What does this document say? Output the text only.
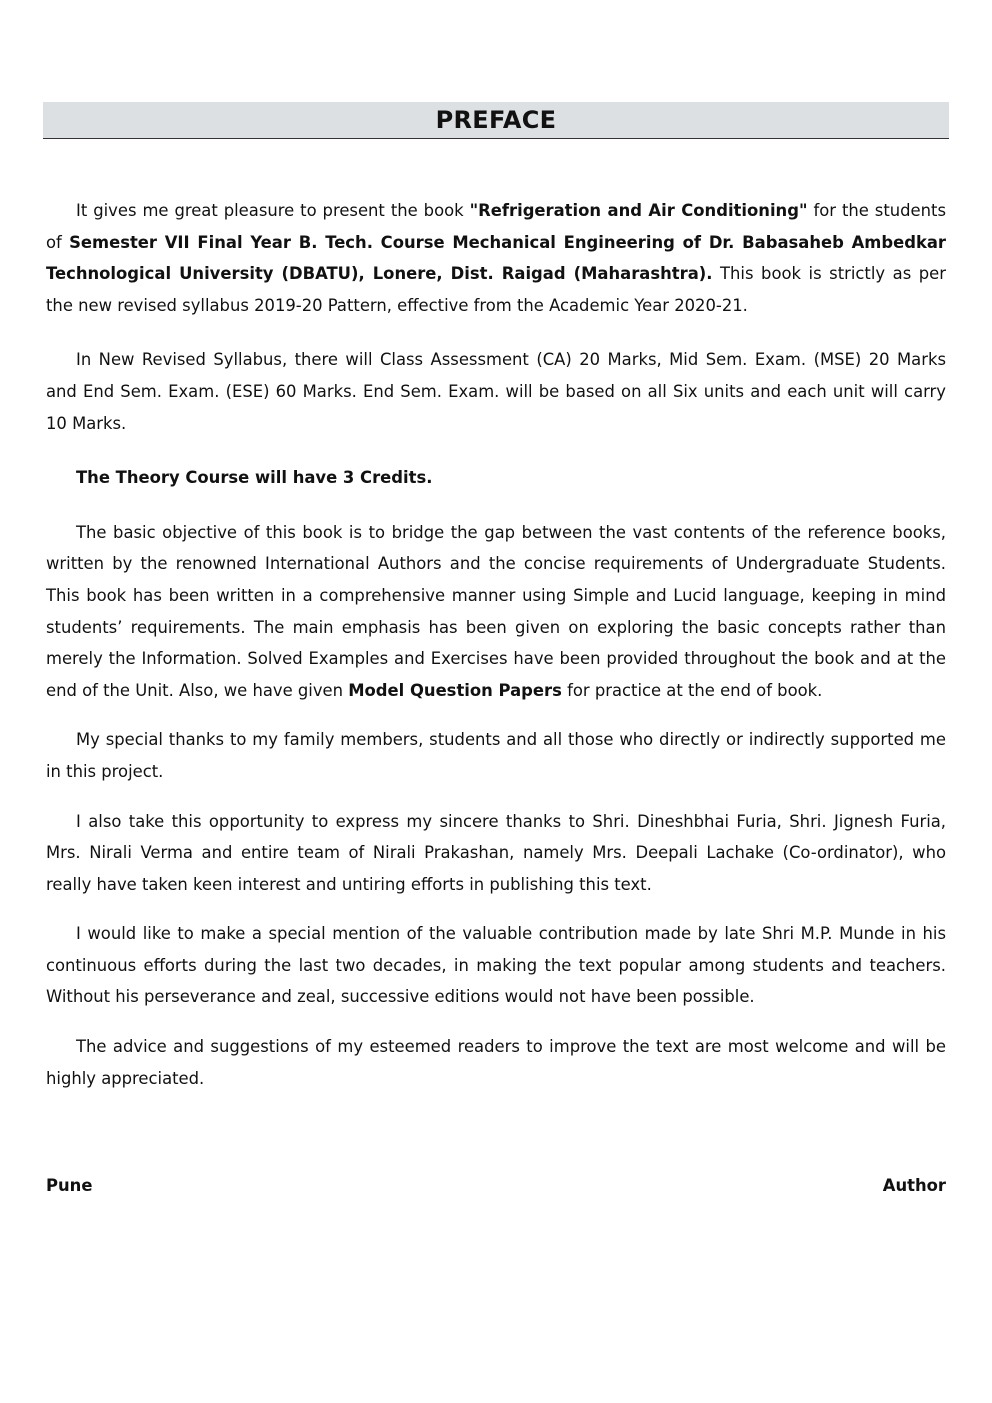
PREFACE

It gives me great pleasure to present the book "Refrigeration and Air Conditioning" for the students of Semester VII Final Year B. Tech. Course Mechanical Engineering of Dr. Babasaheb Ambedkar Technological University (DBATU), Lonere, Dist. Raigad (Maharashtra). This book is strictly as per the new revised syllabus 2019-20 Pattern, effective from the Academic Year 2020-21.

In New Revised Syllabus, there will Class Assessment (CA) 20 Marks, Mid Sem. Exam. (MSE) 20 Marks and End Sem. Exam. (ESE) 60 Marks. End Sem. Exam. will be based on all Six units and each unit will carry 10 Marks.

The Theory Course will have 3 Credits.

The basic objective of this book is to bridge the gap between the vast contents of the reference books, written by the renowned International Authors and the concise requirements of Undergraduate Students. This book has been written in a comprehensive manner using Simple and Lucid language, keeping in mind students’ requirements. The main emphasis has been given on exploring the basic concepts rather than merely the Information. Solved Examples and Exercises have been provided throughout the book and at the end of the Unit. Also, we have given Model Question Papers for practice at the end of book.

My special thanks to my family members, students and all those who directly or indirectly supported me in this project.

I also take this opportunity to express my sincere thanks to Shri. Dineshbhai Furia, Shri. Jignesh Furia, Mrs. Nirali Verma and entire team of Nirali Prakashan, namely Mrs. Deepali Lachake (Co-ordinator), who really have taken keen interest and untiring efforts in publishing this text.

I would like to make a special mention of the valuable contribution made by late Shri M.P. Munde in his continuous efforts during the last two decades, in making the text popular among students and teachers. Without his perseverance and zeal, successive editions would not have been possible.

The advice and suggestions of my esteemed readers to improve the text are most welcome and will be highly appreciated.

Pune	Author
